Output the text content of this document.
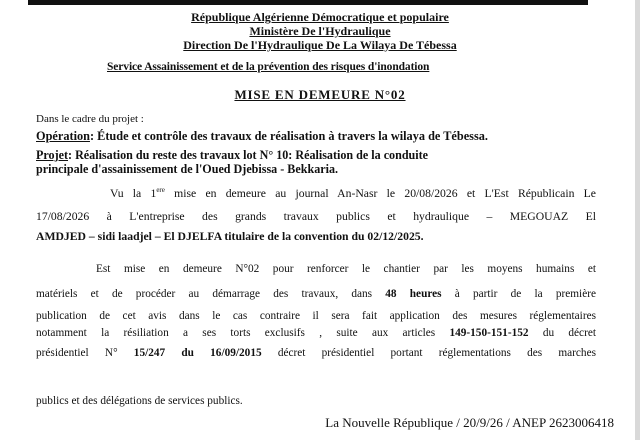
République Algérienne Démocratique et populaire
Ministère De l'Hydraulique
Direction De l'Hydraulique De La Wilaya De Tébessa
Service Assainissement et de la prévention des risques d'inondation
MISE EN DEMEURE N°02
Dans le cadre du projet :
Opération: Étude et contrôle des travaux de réalisation à travers la wilaya de Tébessa.
Projet: Réalisation du reste des travaux lot N° 10: Réalisation de la conduite
principale d'assainissement de l'Oued Djebissa - Bekkaria.
Vu la 1ere mise en demeure au journal An-Nasr le 20/08/2026 et L'Est Républicain Le
17/08/2026 à L'entreprise des grands travaux publics et hydraulique – MEGOUAZ El
AMDJED – sidi laadjel – El DJELFA titulaire de la convention du 02/12/2025.
Est mise en demeure N°02 pour renforcer le chantier par les moyens humains et
matériels et de procéder au démarrage des travaux, dans 48 heures à partir de la première
publication de cet avis dans le cas contraire il sera fait application des mesures réglementaires
notamment la résiliation a ses torts exclusifs , suite aux articles 149-150-151-152 du décret
présidentiel N° 15/247 du 16/09/2015 décret présidentiel portant réglementations des marches
publics et des délégations de services publics.
La Nouvelle République / 20/9/26 / ANEP 2623006418
